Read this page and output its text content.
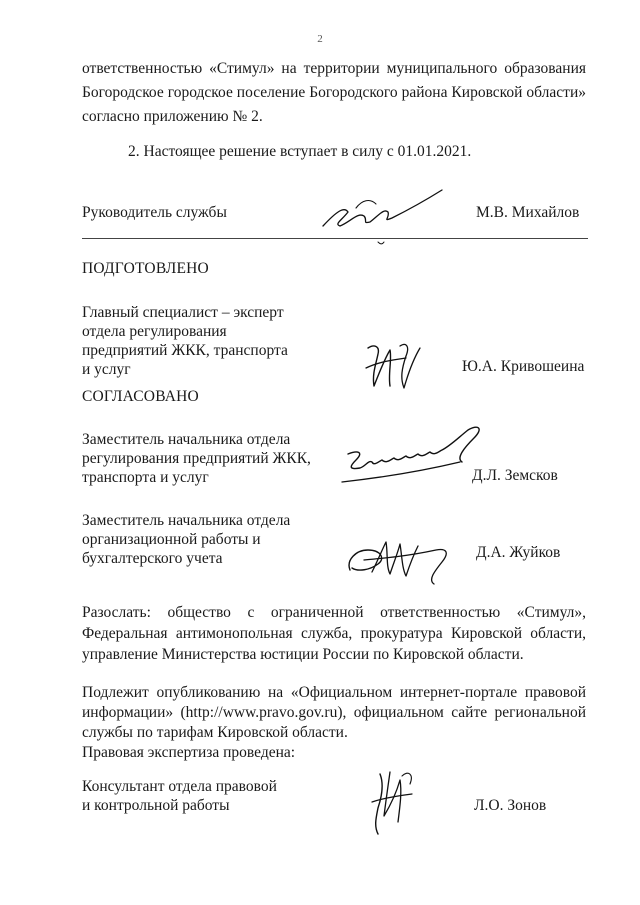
2
ответственностью «Стимул» на территории муниципального образования
Богородское городское поселение Богородского района Кировской области»
согласно приложению № 2.
2. Настоящее решение вступает в силу с 01.01.2021.
Руководитель службы	М.В. Михайлов
ПОДГОТОВЛЕНО
Главный специалист – эксперт
отдела регулирования
предприятий ЖКК, транспорта
и услуг	Ю.А. Кривошеина
СОГЛАСОВАНО
Заместитель начальника отдела
регулирования предприятий ЖКК,
транспорта и услуг	Д.Л. Земсков
Заместитель начальника отдела
организационной работы и
бухгалтерского учета	Д.А. Жуйков
Разослать: общество с ограниченной ответственностью «Стимул»,
Федеральная антимонопольная служба, прокуратура Кировской области,
управление Министерства юстиции России по Кировской области.
Подлежит опубликованию на «Официальном интернет-портале правовой
информации» (http://www.pravo.gov.ru), официальном сайте региональной
службы по тарифам Кировской области.
Правовая экспертиза проведена:
Консультант отдела правовой
и контрольной работы	Л.О. Зонов
